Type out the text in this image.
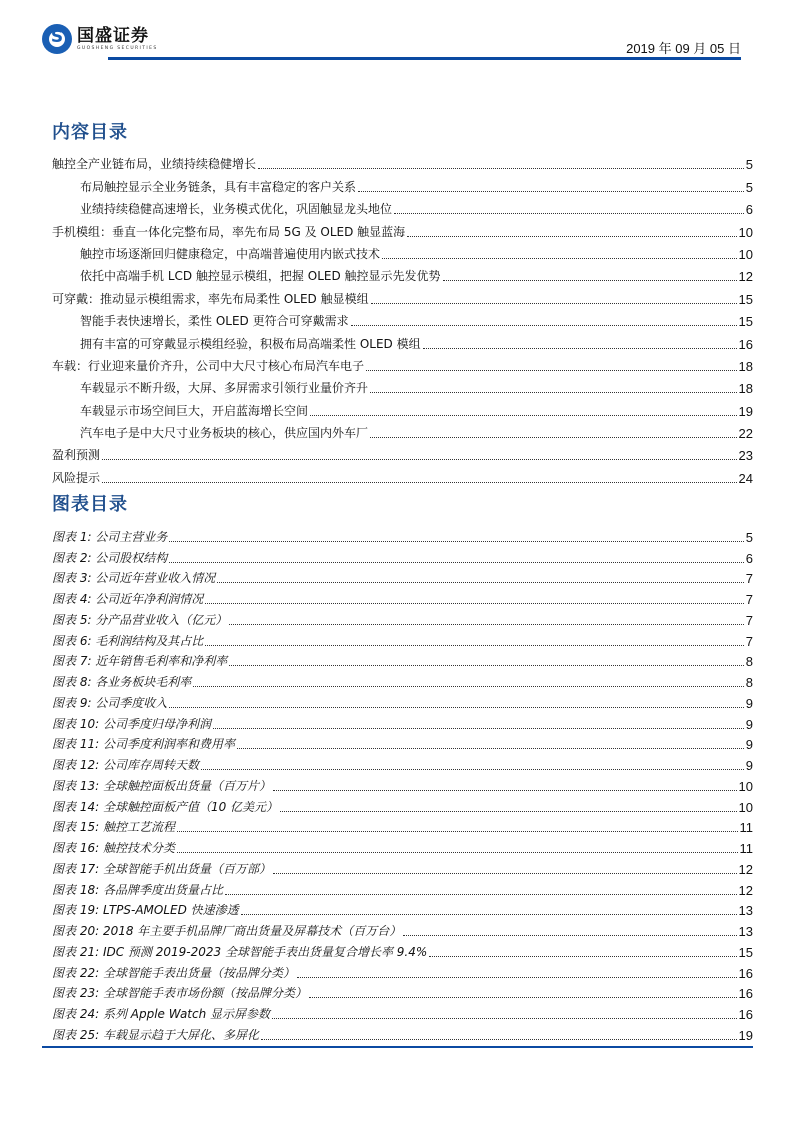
S
国盛证券
GUOSHENG SECURITIES	2019 年 09 月 05 日
内容目录
触控全产业链布局，业绩持续稳健增长	5
布局触控显示全业务链条，具有丰富稳定的客户关系	5
业绩持续稳健高速增长，业务模式优化，巩固触显龙头地位	6
手机模组：垂直一体化完整布局，率先布局 5G 及 OLED 触显蓝海	10
触控市场逐渐回归健康稳定，中高端普遍使用内嵌式技术	10
依托中高端手机 LCD 触控显示模组，把握 OLED 触控显示先发优势	12
可穿戴：推动显示模组需求，率先布局柔性 OLED 触显模组	15
智能手表快速增长，柔性 OLED 更符合可穿戴需求	15
拥有丰富的可穿戴显示模组经验，积极布局高端柔性 OLED 模组	16
车载：行业迎来量价齐升，公司中大尺寸核心布局汽车电子	18
车载显示不断升级，大屏、多屏需求引领行业量价齐升	18
车载显示市场空间巨大，开启蓝海增长空间	19
汽车电子是中大尺寸业务板块的核心，供应国内外车厂	22
盈利预测	23
风险提示	24
图表目录
图表 1: 公司主营业务	5
图表 2: 公司股权结构	6
图表 3: 公司近年营业收入情况	7
图表 4: 公司近年净利润情况	7
图表 5: 分产品营业收入（亿元）	7
图表 6: 毛利润结构及其占比	7
图表 7: 近年销售毛利率和净利率	8
图表 8: 各业务板块毛利率	8
图表 9: 公司季度收入	9
图表 10: 公司季度归母净利润	9
图表 11: 公司季度利润率和费用率	9
图表 12: 公司库存周转天数	9
图表 13: 全球触控面板出货量（百万片）	10
图表 14: 全球触控面板产值（10 亿美元）	10
图表 15: 触控工艺流程	11
图表 16: 触控技术分类	11
图表 17: 全球智能手机出货量（百万部）	12
图表 18: 各品牌季度出货量占比	12
图表 19: LTPS-AMOLED 快速渗透	13
图表 20: 2018 年主要手机品牌厂商出货量及屏幕技术（百万台）	13
图表 21: IDC 预测 2019-2023 全球智能手表出货量复合增长率 9.4%	15
图表 22: 全球智能手表出货量（按品牌分类）	16
图表 23: 全球智能手表市场份额（按品牌分类）	16
图表 24: 系列 Apple Watch 显示屏参数	16
图表 25: 车载显示趋于大屏化、多屏化	19
